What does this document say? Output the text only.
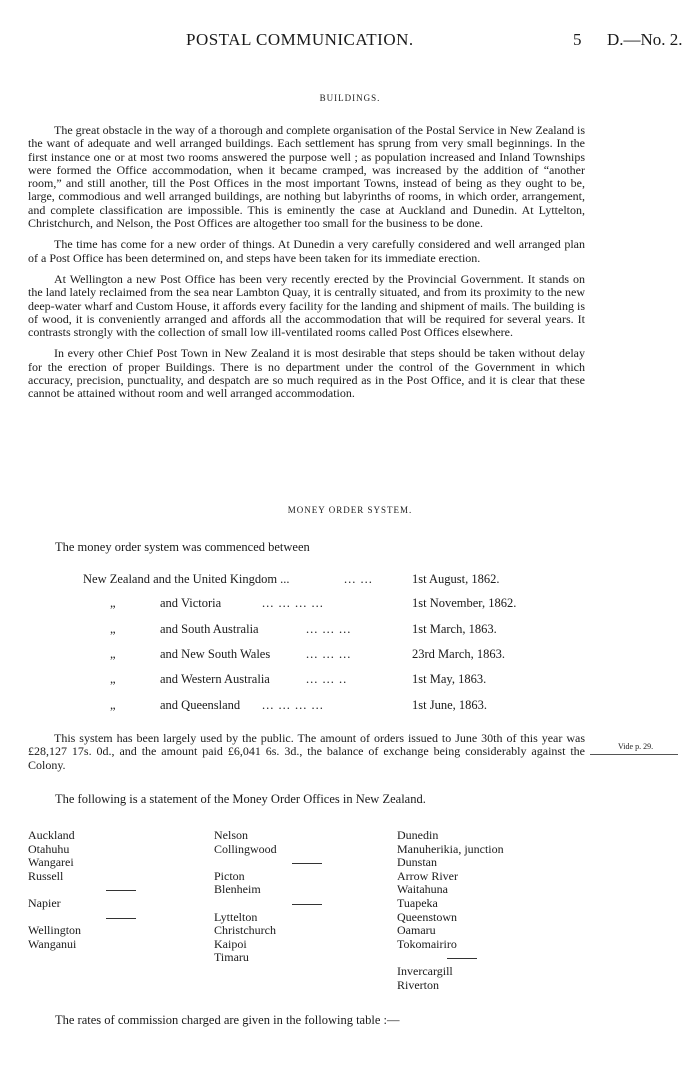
POSTAL COMMUNICATION.	5 D.—No. 2.
BUILDINGS.

The great obstacle in the way of a thorough and complete organisation of the Postal Service in New Zealand is the want of adequate and well arranged buildings. Each settlement has sprung from very small beginnings. In the first instance one or at most two rooms answered the purpose well ; as population increased and Inland Townships were formed the Office accommodation, when it became cramped, was increased by the addition of “another room,” and still another, till the Post Offices in the most important Towns, instead of being as they ought to be, large, commodious and well arranged buildings, are nothing but labyrinths of rooms, in which order, arrangement, and complete classification are impossible. This is eminently the case at Auckland and Dunedin. At Lyttelton, Christchurch, and Nelson, the Post Offices are altogether too small for the business to be done.

The time has come for a new order of things. At Dunedin a very carefully considered and well arranged plan of a Post Office has been determined on, and steps have been taken for its immediate erection.

At Wellington a new Post Office has been very recently erected by the Provincial Government. It stands on the land lately reclaimed from the sea near Lambton Quay, it is centrally situated, and from its proximity to the new deep-water wharf and Custom House, it affords every facility for the landing and shipment of mails. The building is of wood, it is conveniently arranged and affords all the accommodation that will be required for several years. It contrasts strongly with the collection of small low ill-ventilated rooms called Post Offices elsewhere.

In every other Chief Post Town in New Zealand it is most desirable that steps should be taken without delay for the erection of proper Buildings. There is no department under the control of the Government in which accuracy, precision, punctuality, and despatch are so much required as in the Post Office, and it is clear that these cannot be attained without room and well arranged accommodation.

MONEY ORDER SYSTEM.
The money order system was commenced between
New Zealand and the United Kingdom ...	... ...	1st August, 1862.
„	and Victoria	... ... ... ...	1st November, 1862.
„	and South Australia	... ... ...	1st March, 1863.
„	and New South Wales	... ... ...	23rd March, 1863.
„	and Western Australia	... ... ..	1st May, 1863.
„	and Queensland ... ... ... ...	1st June, 1863.

This system has been largely used by the public. The amount of orders issued to June 30th of this year was £28,127 17s. 0d., and the amount paid £6,041 6s. 3d., the balance of exchange being considerably against the Colony.

Vide p. 29.
The following is a statement of the Money Order Offices in New Zealand.
Auckland
Otahuhu
Wangarei
Russell
Napier
Wellington
Wanganui
Nelson
Collingwood
Picton
Blenheim
Lyttelton
Christchurch
Kaipoi
Timaru
Dunedin
Manuherikia, junction
Dunstan
Arrow River
Waitahuna
Tuapeka
Queenstown
Oamaru
Tokomairiro
Invercargill
Riverton
The rates of commission charged are given in the following table :—
